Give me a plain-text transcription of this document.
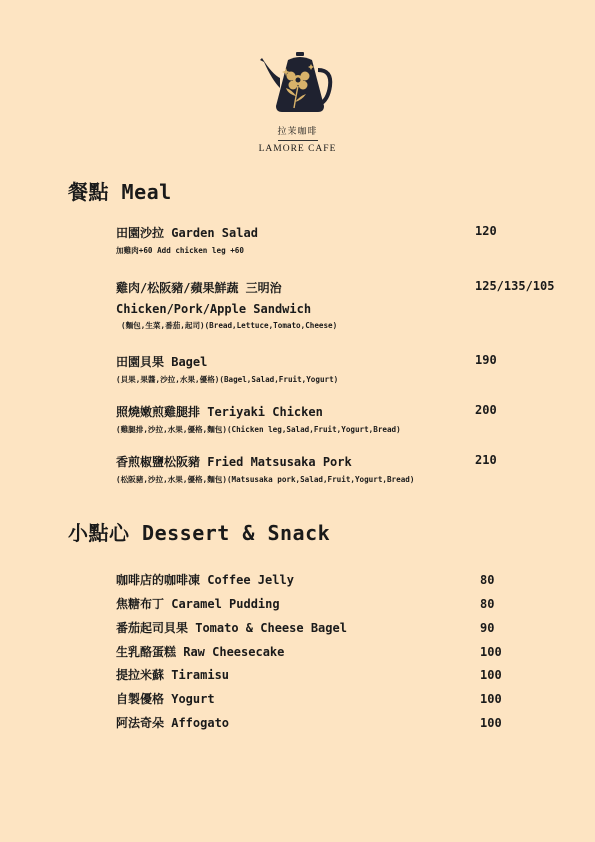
拉茉咖啡
LAMORE CAFE
餐點 Meal
田園沙拉 Garden Salad
加雞肉+60 Add chicken leg +60
120
雞肉/松阪豬/蘋果鮮蔬 三明治
Chicken/Pork/Apple Sandwich
(麵包,生菜,番茄,起司)(Bread,Lettuce,Tomato,Cheese)
125/135/105
田園貝果 Bagel
(貝果,果醬,沙拉,水果,優格)(Bagel,Salad,Fruit,Yogurt)
190
照燒嫩煎雞腿排 Teriyaki Chicken
(雞腿排,沙拉,水果,優格,麵包)(Chicken leg,Salad,Fruit,Yogurt,Bread)
200
香煎椒鹽松阪豬 Fried Matsusaka Pork
(松阪豬,沙拉,水果,優格,麵包)(Matsusaka pork,Salad,Fruit,Yogurt,Bread)
210
小點心 Dessert & Snack
咖啡店的咖啡凍 Coffee Jelly	80
焦糖布丁 Caramel Pudding	80
番茄起司貝果 Tomato & Cheese Bagel	90
生乳酪蛋糕 Raw Cheesecake	100
提拉米蘇 Tiramisu	100
自製優格 Yogurt	100
阿法奇朵 Affogato	100
